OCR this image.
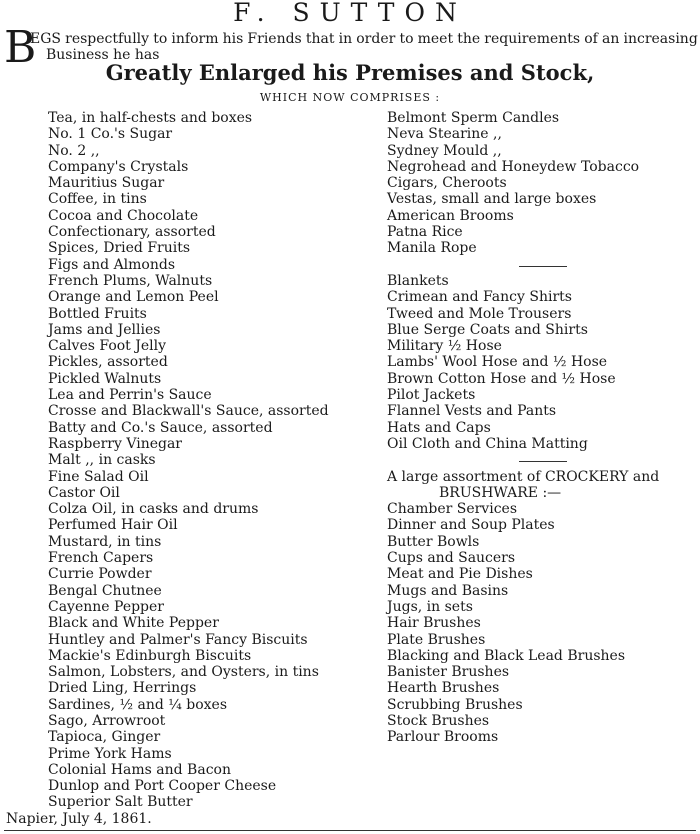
F. SUTTON
B
EGS respectfully to inform his Friends that in order to meet the requirements of an increasing
Business he has
Greatly Enlarged his Premises and Stock,
WHICH NOW COMPRISES :
Tea, in half-chests and boxes
No. 1 Co.'s Sugar
No. 2 ,,
Company's Crystals
Mauritius Sugar
Coffee, in tins
Cocoa and Chocolate
Confectionary, assorted
Spices, Dried Fruits
Figs and Almonds
French Plums, Walnuts
Orange and Lemon Peel
Bottled Fruits
Jams and Jellies
Calves Foot Jelly
Pickles, assorted
Pickled Walnuts
Lea and Perrin's Sauce
Crosse and Blackwall's Sauce, assorted
Batty and Co.'s Sauce, assorted
Raspberry Vinegar
Malt ,, in casks
Fine Salad Oil
Castor Oil
Colza Oil, in casks and drums
Perfumed Hair Oil
Mustard, in tins
French Capers
Currie Powder
Bengal Chutnee
Cayenne Pepper
Black and White Pepper
Huntley and Palmer's Fancy Biscuits
Mackie's Edinburgh Biscuits
Salmon, Lobsters, and Oysters, in tins
Dried Ling, Herrings
Sardines, ½ and ¼ boxes
Sago, Arrowroot
Tapioca, Ginger
Prime York Hams
Colonial Hams and Bacon
Dunlop and Port Cooper Cheese
Superior Salt Butter
Belmont Sperm Candles
Neva Stearine ,,
Sydney Mould ,,
Negrohead and Honeydew Tobacco
Cigars, Cheroots
Vestas, small and large boxes
American Brooms
Patna Rice
Manila Rope
Blankets
Crimean and Fancy Shirts
Tweed and Mole Trousers
Blue Serge Coats and Shirts
Military ½ Hose
Lambs' Wool Hose and ½ Hose
Brown Cotton Hose and ½ Hose
Pilot Jackets
Flannel Vests and Pants
Hats and Caps
Oil Cloth and China Matting
A large assortment of CROCKERY and
BRUSHWARE :—
Chamber Services
Dinner and Soup Plates
Butter Bowls
Cups and Saucers
Meat and Pie Dishes
Mugs and Basins
Jugs, in sets
Hair Brushes
Plate Brushes
Blacking and Black Lead Brushes
Banister Brushes
Hearth Brushes
Scrubbing Brushes
Stock Brushes
Parlour Brooms
Napier, July 4, 1861.
